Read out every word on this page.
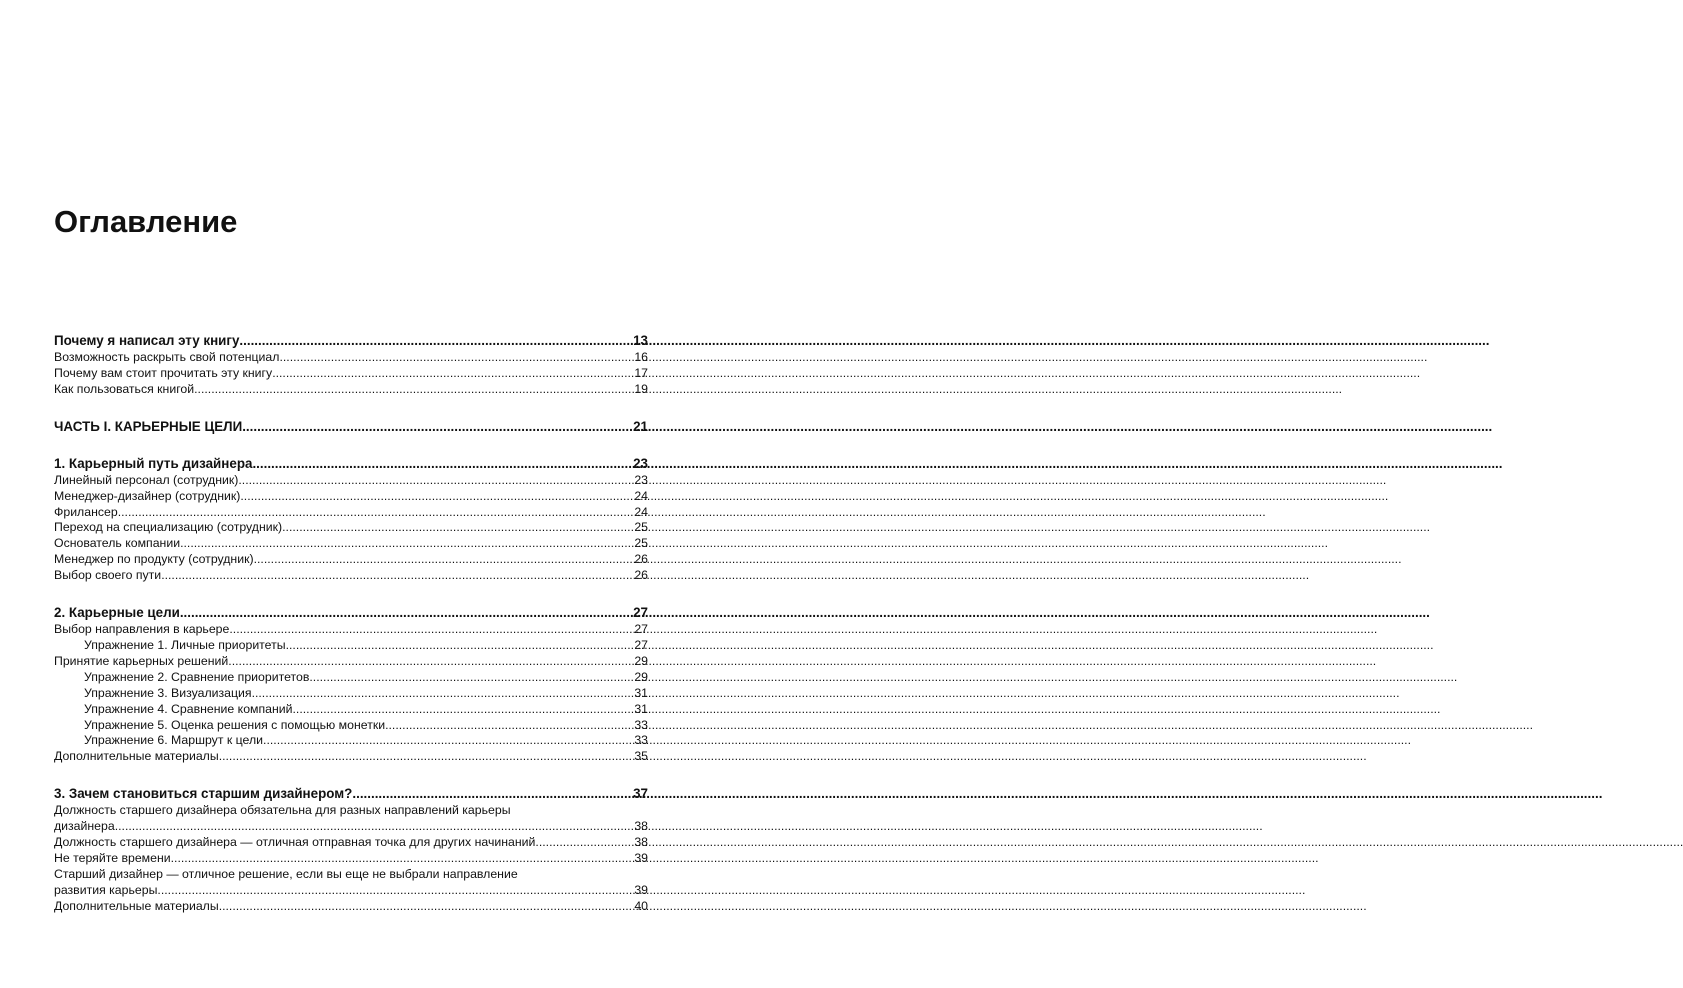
Оглавление
Почему я написал эту книгу .....	13
Возможность раскрыть свой потенциал .....	16
Почему вам стоит прочитать эту книгу .....	17
Как пользоваться книгой .....	19
ЧАСТЬ I. КАРЬЕРНЫЕ ЦЕЛИ .....	21
1. Карьерный путь дизайнера .....	23
Линейный персонал (сотрудник) .....	23
Менеджер-дизайнер (сотрудник) .....	24
Фрилансер .....	24
Переход на специализацию (сотрудник) .....	25
Основатель компании .....	25
Менеджер по продукту (сотрудник) .....	26
Выбор своего пути .....	26
2. Карьерные цели .....	27
Выбор направления в карьере .....	27
Упражнение 1. Личные приоритеты .....	27
Принятие карьерных решений .....	29
Упражнение 2. Сравнение приоритетов .....	29
Упражнение 3. Визуализация .....	31
Упражнение 4. Сравнение компаний .....	31
Упражнение 5. Оценка решения с помощью монетки .....	33
Упражнение 6. Маршрут к цели .....	33
Дополнительные материалы .....	35
3. Зачем становиться старшим дизайнером? .....	37
Должность старшего дизайнера обязательна для разных направлений карьеры
дизайнера .....	38
Должность старшего дизайнера — отличная отправная точка для других начинаний .....	38
Не теряйте времени .....	39
Старший дизайнер — отличное решение, если вы еще не выбрали направление
развития карьеры .....	39
Дополнительные материалы .....	40
